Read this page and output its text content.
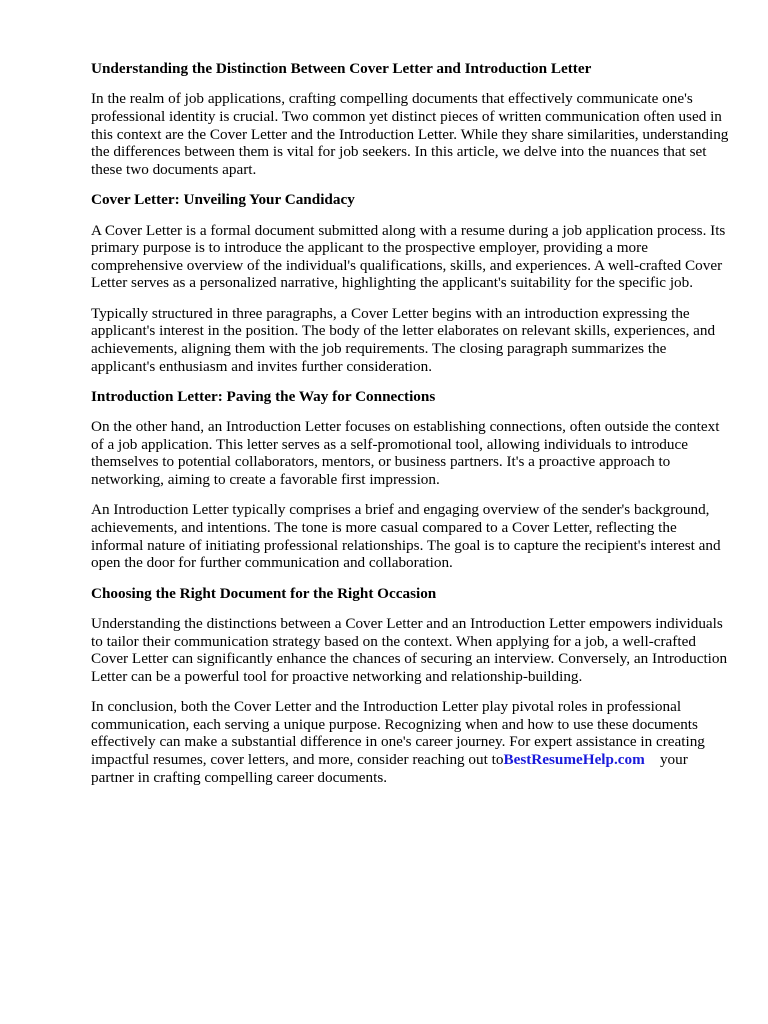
Understanding the Distinction Between Cover Letter and Introduction Letter

In the realm of job applications, crafting compelling documents that effectively communicate one's professional identity is crucial. Two common yet distinct pieces of written communication often used in this context are the Cover Letter and the Introduction Letter. While they share similarities, understanding the differences between them is vital for job seekers. In this article, we delve into the nuances that set these two documents apart.

Cover Letter: Unveiling Your Candidacy

A Cover Letter is a formal document submitted along with a resume during a job application process. Its primary purpose is to introduce the applicant to the prospective employer, providing a more comprehensive overview of the individual's qualifications, skills, and experiences. A well-crafted Cover Letter serves as a personalized narrative, highlighting the applicant's suitability for the specific job.

Typically structured in three paragraphs, a Cover Letter begins with an introduction expressing the applicant's interest in the position. The body of the letter elaborates on relevant skills, experiences, and achievements, aligning them with the job requirements. The closing paragraph summarizes the applicant's enthusiasm and invites further consideration.

Introduction Letter: Paving the Way for Connections

On the other hand, an Introduction Letter focuses on establishing connections, often outside the context of a job application. This letter serves as a self-promotional tool, allowing individuals to introduce themselves to potential collaborators, mentors, or business partners. It's a proactive approach to networking, aiming to create a favorable first impression.

An Introduction Letter typically comprises a brief and engaging overview of the sender's background, achievements, and intentions. The tone is more casual compared to a Cover Letter, reflecting the informal nature of initiating professional relationships. The goal is to capture the recipient's interest and open the door for further communication and collaboration.

Choosing the Right Document for the Right Occasion

Understanding the distinctions between a Cover Letter and an Introduction Letter empowers individuals to tailor their communication strategy based on the context. When applying for a job, a well-crafted Cover Letter can significantly enhance the chances of securing an interview. Conversely, an Introduction Letter can be a powerful tool for proactive networking and relationship-building.

In conclusion, both the Cover Letter and the Introduction Letter play pivotal roles in professional communication, each serving a unique purpose. Recognizing when and how to use these documents effectively can make a substantial difference in one's career journey. For expert assistance in creating impactful resumes, cover letters, and more, consider reaching out toBestResumeHelp.com your partner in crafting compelling career documents.
